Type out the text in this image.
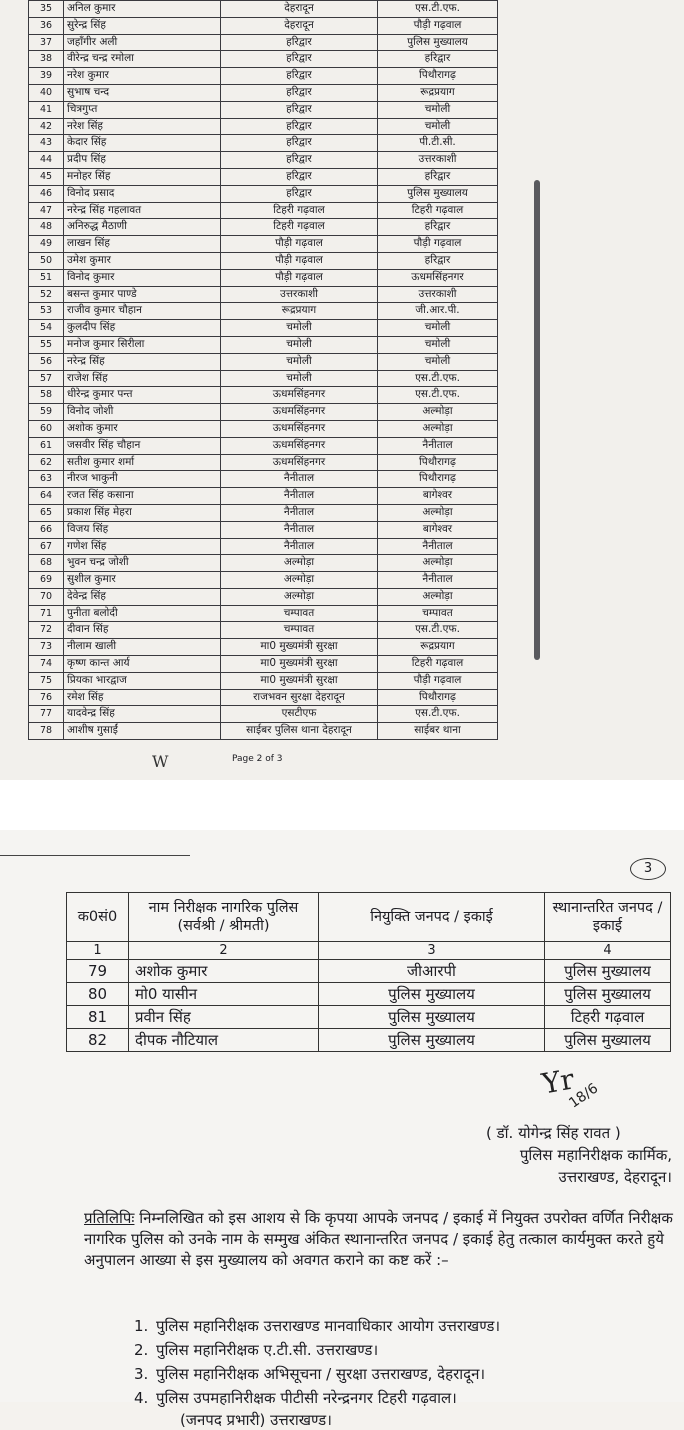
35	अनिल कुमार	देहरादून	एस.टी.एफ.
36	सुरेन्द्र सिंह	देहरादून	पौड़ी गढ़वाल
37	जहाँगीर अली	हरिद्वार	पुलिस मुख्यालय
38	वीरेन्द्र चन्द्र रमोला	हरिद्वार	हरिद्वार
39	नरेश कुमार	हरिद्वार	पिथौरागढ़
40	सुभाष चन्द	हरिद्वार	रूद्रप्रयाग
41	चित्रगुप्त	हरिद्वार	चमोली
42	नरेश सिंह	हरिद्वार	चमोली
43	केदार सिंह	हरिद्वार	पी.टी.सी.
44	प्रदीप सिंह	हरिद्वार	उत्तरकाशी
45	मनोहर सिंह	हरिद्वार	हरिद्वार
46	विनोद प्रसाद	हरिद्वार	पुलिस मुख्यालय
47	नरेन्द्र सिंह गहलावत	टिहरी गढ़वाल	टिहरी गढ़वाल
48	अनिरुद्ध मैठाणी	टिहरी गढ़वाल	हरिद्वार
49	लाखन सिंह	पौड़ी गढ़वाल	पौड़ी गढ़वाल
50	उमेश कुमार	पौड़ी गढ़वाल	हरिद्वार
51	विनोद कुमार	पौड़ी गढ़वाल	ऊधमसिंहनगर
52	बसन्त कुमार पाण्डे	उत्तरकाशी	उत्तरकाशी
53	राजीव कुमार चौहान	रूद्रप्रयाग	जी.आर.पी.
54	कुलदीप सिंह	चमोली	चमोली
55	मनोज कुमार सिरीला	चमोली	चमोली
56	नरेन्द्र सिंह	चमोली	चमोली
57	राजेश सिंह	चमोली	एस.टी.एफ.
58	धीरेन्द्र कुमार पन्त	ऊधमसिंहनगर	एस.टी.एफ.
59	विनोद जोशी	ऊधमसिंहनगर	अल्मोड़ा
60	अशोक कुमार	ऊधमसिंहनगर	अल्मोड़ा
61	जसवीर सिंह चौहान	ऊधमसिंहनगर	नैनीताल
62	सतीश कुमार शर्मा	ऊधमसिंहनगर	पिथौरागढ़
63	नीरज भाकुनी	नैनीताल	पिथौरागढ़
64	रजत सिंह कसाना	नैनीताल	बागेश्वर
65	प्रकाश सिंह मेहरा	नैनीताल	अल्मोड़ा
66	विजय सिंह	नैनीताल	बागेश्वर
67	गणेश सिंह	नैनीताल	नैनीताल
68	भुवन चन्द्र जोशी	अल्मोड़ा	अल्मोड़ा
69	सुशील कुमार	अल्मोड़ा	नैनीताल
70	देवेन्द्र सिंह	अल्मोड़ा	अल्मोड़ा
71	पुनीता बलोदी	चम्पावत	चम्पावत
72	दीवान सिंह	चम्पावत	एस.टी.एफ.
73	नीलाम खाली	मा0 मुख्यमंत्री सुरक्षा	रूद्रप्रयाग
74	कृष्ण कान्त आर्य	मा0 मुख्यमंत्री सुरक्षा	टिहरी गढ़वाल
75	प्रियका भारद्वाज	मा0 मुख्यमंत्री सुरक्षा	पौड़ी गढ़वाल
76	रमेश सिंह	राजभवन सुरक्षा देहरादून	पिथौरागढ़
77	यादवेन्द्र सिंह	एसटीएफ	एस.टी.एफ.
78	आशीष गुसाईं	साईबर पुलिस थाना देहरादून	साईबर थाना
W	Page 2 of 3
3
क0सं0	नाम निरीक्षक नागरिक पुलिस (सर्वश्री / श्रीमती)	नियुक्ति जनपद / इकाई	स्थानान्तरित जनपद / इकाई
1	2	3	4
79	अशोक कुमार	जीआरपी	पुलिस मुख्यालय
80	मो0 यासीन	पुलिस मुख्यालय	पुलिस मुख्यालय
81	प्रवीन सिंह	पुलिस मुख्यालय	टिहरी गढ़वाल
82	दीपक नौटियाल	पुलिस मुख्यालय	पुलिस मुख्यालय
Yr
18/6
( डॉ. योगेन्द्र सिंह रावत )
पुलिस महानिरीक्षक कार्मिक,
उत्तराखण्ड, देहरादून।
प्रतिलिपिः निम्नलिखित को इस आशय से कि कृपया आपके जनपद / इकाई में नियुक्त उपरोक्त वर्णित निरीक्षक नागरिक पुलिस को उनके नाम के सम्मुख अंकित स्थानान्तरित जनपद / इकाई हेतु तत्काल कार्यमुक्त करते हुये अनुपालन आख्या से इस मुख्यालय को अवगत कराने का कष्ट करें :–
1. पुलिस महानिरीक्षक उत्तराखण्ड मानवाधिकार आयोग उत्तराखण्ड।
2. पुलिस महानिरीक्षक ए.टी.सी. उत्तराखण्ड।
3. पुलिस महानिरीक्षक अभिसूचना / सुरक्षा उत्तराखण्ड, देहरादून।
4. पुलिस उपमहानिरीक्षक पीटीसी नरेन्द्रनगर टिहरी गढ़वाल।
(जनपद प्रभारी) उत्तराखण्ड।
